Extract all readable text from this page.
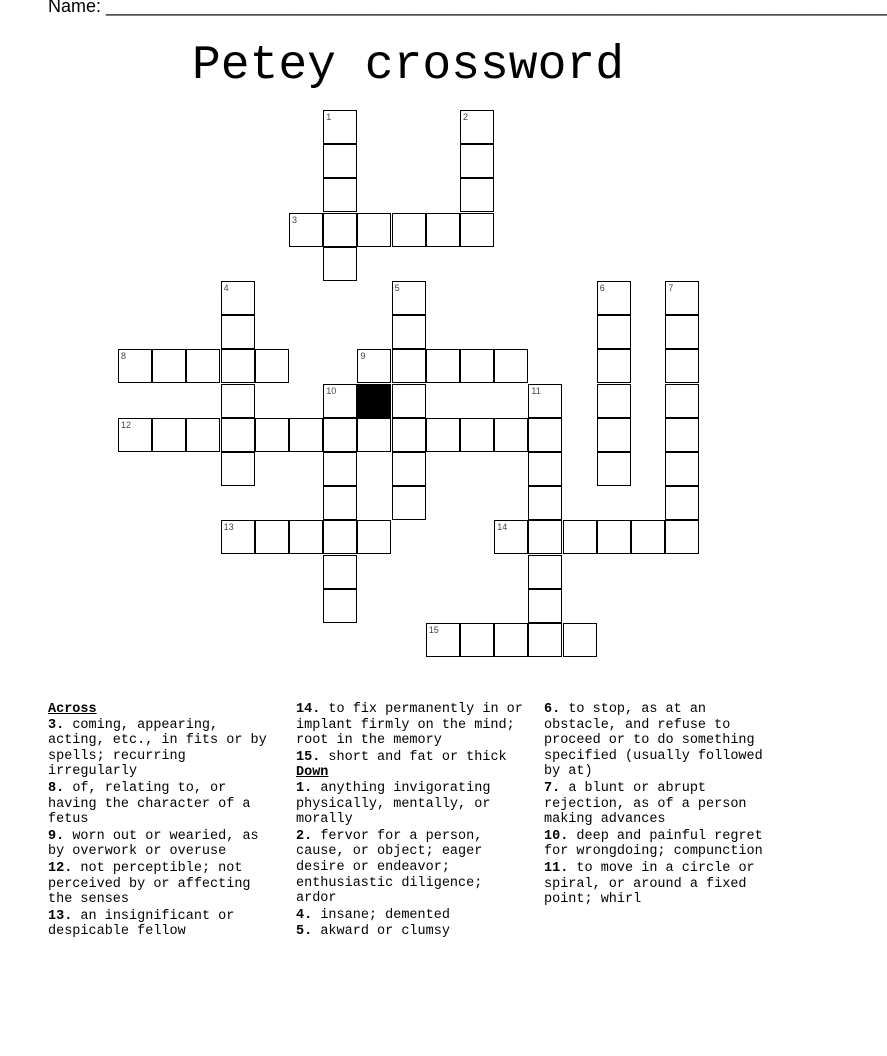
Name: ______________________________________________________________________________
Petey crossword
1	2
3
4	5	6	7
8	9
10	11
12
13	14
15
Across
3. coming, appearing, acting, etc., in fits or by spells; recurring irregularly
8. of, relating to, or having the character of a fetus
9. worn out or wearied, as by overwork or overuse
12. not perceptible; not perceived by or affecting the senses
13. an insignificant or despicable fellow
14. to fix permanently in or implant firmly on the mind; root in the memory
15. short and fat or thick
Down
1. anything invigorating physically, mentally, or morally
2. fervor for a person, cause, or object; eager desire or endeavor; enthusiastic diligence; ardor
4. insane; demented
5. akward or clumsy
6. to stop, as at an obstacle, and refuse to proceed or to do something specified (usually followed by at)
7. a blunt or abrupt rejection, as of a person making advances
10. deep and painful regret for wrongdoing; compunction
11. to move in a circle or spiral, or around a fixed point; whirl
